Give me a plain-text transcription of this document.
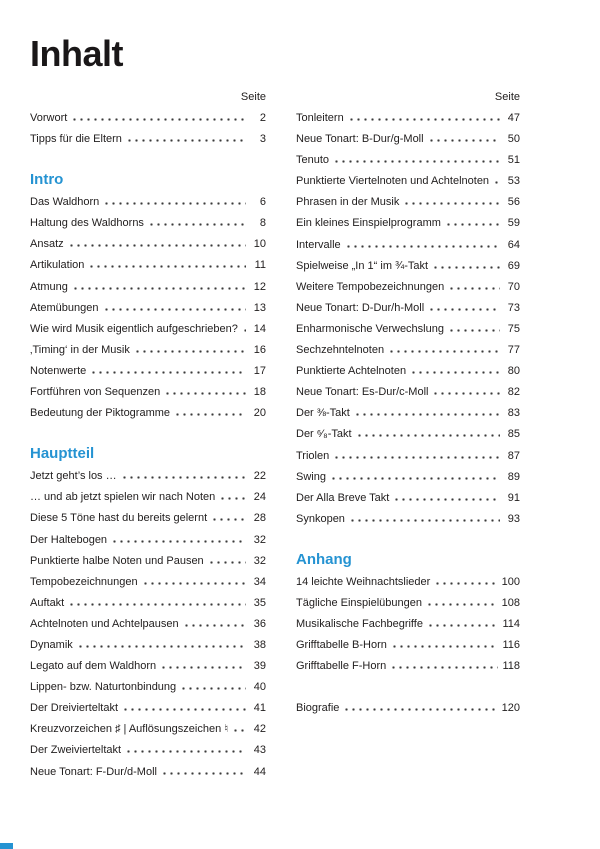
Inhalt
Seite
Vorwort	2
Tipps für die Eltern	3
Intro
Das Waldhorn	6
Haltung des Waldhorns	8
Ansatz	10
Artikulation	11
Atmung	12
Atemübungen	13
Wie wird Musik eigentlich aufgeschrieben?	14
‚Timing‘ in der Musik	16
Notenwerte	17
Fortführen von Sequenzen	18
Bedeutung der Piktogramme	20
Hauptteil
Jetzt geht’s los …	22
… und ab jetzt spielen wir nach Noten	24
Diese 5 Töne hast du bereits gelernt	28
Der Haltebogen	32
Punktierte halbe Noten und Pausen	32
Tempobezeichnungen	34
Auftakt	35
Achtelnoten und Achtelpausen	36
Dynamik	38
Legato auf dem Waldhorn	39
Lippen- bzw. Naturtonbindung	40
Der Dreivierteltakt	41
Kreuzvorzeichen ♯ | Auflösungszeichen ♮	42
Der Zweivierteltakt	43
Neue Tonart: F-Dur/d-Moll	44
Seite
Tonleitern	47
Neue Tonart: B-Dur/g-Moll	50
Tenuto	51
Punktierte Viertelnoten und Achtelnoten	53
Phrasen in der Musik	56
Ein kleines Einspielprogramm	59
Intervalle	64
Spielweise „In 1“ im ¾-Takt	69
Weitere Tempobezeichnungen	70
Neue Tonart: D-Dur/h-Moll	73
Enharmonische Verwechslung	75
Sechzehntelnoten	77
Punktierte Achtelnoten	80
Neue Tonart: Es-Dur/c-Moll	82
Der ⅜-Takt	83
Der ⁶⁄₈-Takt	85
Triolen	87
Swing	89
Der Alla Breve Takt	91
Synkopen	93
Anhang
14 leichte Weihnachtslieder	100
Tägliche Einspielübungen	108
Musikalische Fachbegriffe	114
Grifftabelle B-Horn	116
Grifftabelle F-Horn	118
Biografie	120
